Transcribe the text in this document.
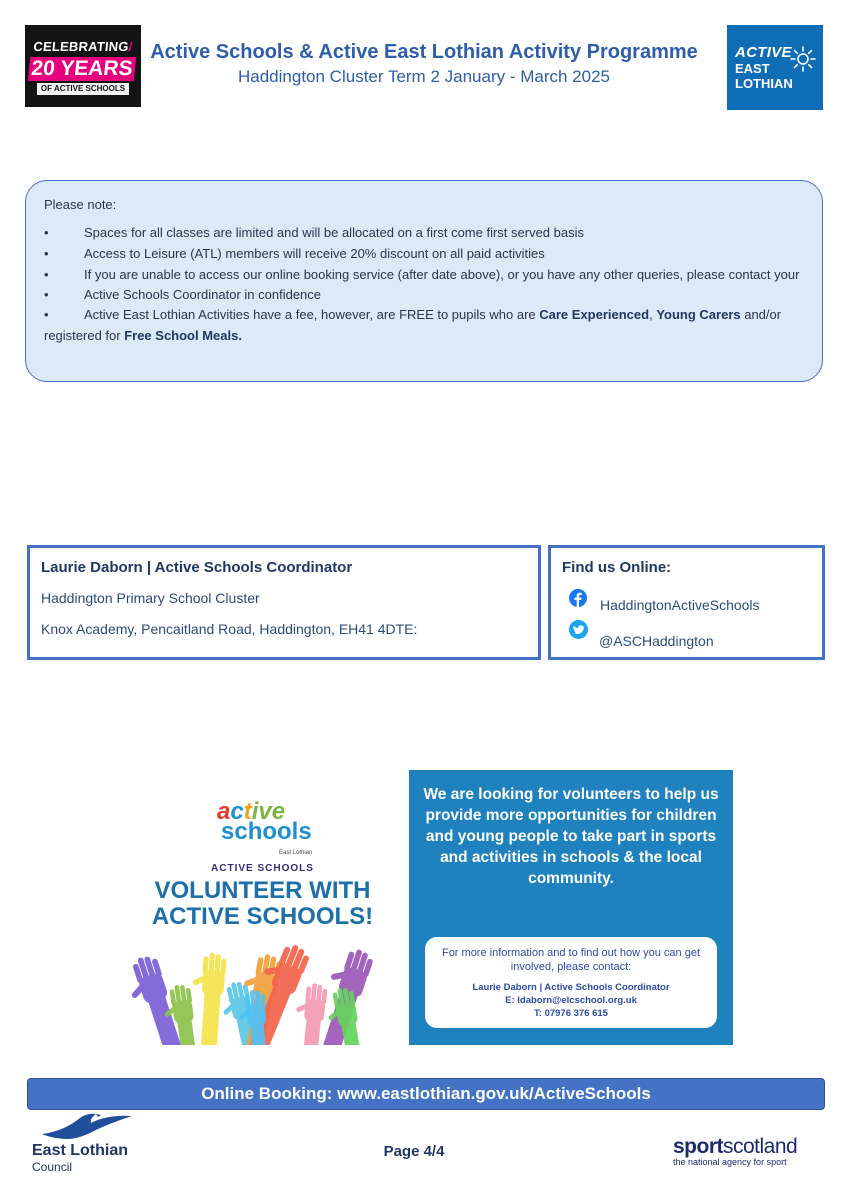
CELEBRATING/
20 YEARS
OF ACTIVE SCHOOLS
Active Schools & Active East Lothian Activity Programme
Haddington Cluster Term 2 January - March 2025
ACTIVE
EAST
LOTHIAN
Please note:
•	Spaces for all classes are limited and will be allocated on a first come first served basis
•	Access to Leisure (ATL) members will receive 20% discount on all paid activities
•	If you are unable to access our online booking service (after date above), or you have any other queries, please contact your
•	Active Schools Coordinator in confidence
•	Active East Lothian Activities have a fee, however, are FREE to pupils who are Care Experienced, Young Carers and/or
registered for Free School Meals.
Laurie Daborn | Active Schools Coordinator
Haddington Primary School Cluster
Knox Academy, Pencaitland Road, Haddington, EH41 4DTE:
Find us Online:
HaddingtonActiveSchools
@ASCHaddington
active
schools
East Lothian
ACTIVE SCHOOLS
VOLUNTEER WITH
ACTIVE SCHOOLS!
We are looking for volunteers to help us provide more opportunities for children and young people to take part in sports and activities in schools & the local community.
For more information and to find out how you can get involved, please contact:
Laurie Daborn | Active Schools Coordinator
E: ldaborn@elcschool.org.uk
T: 07976 376 615
Online Booking: www.eastlothian.gov.uk/ActiveSchools
East Lothian
Council
Page 4/4	sportscotland
the national agency for sport
